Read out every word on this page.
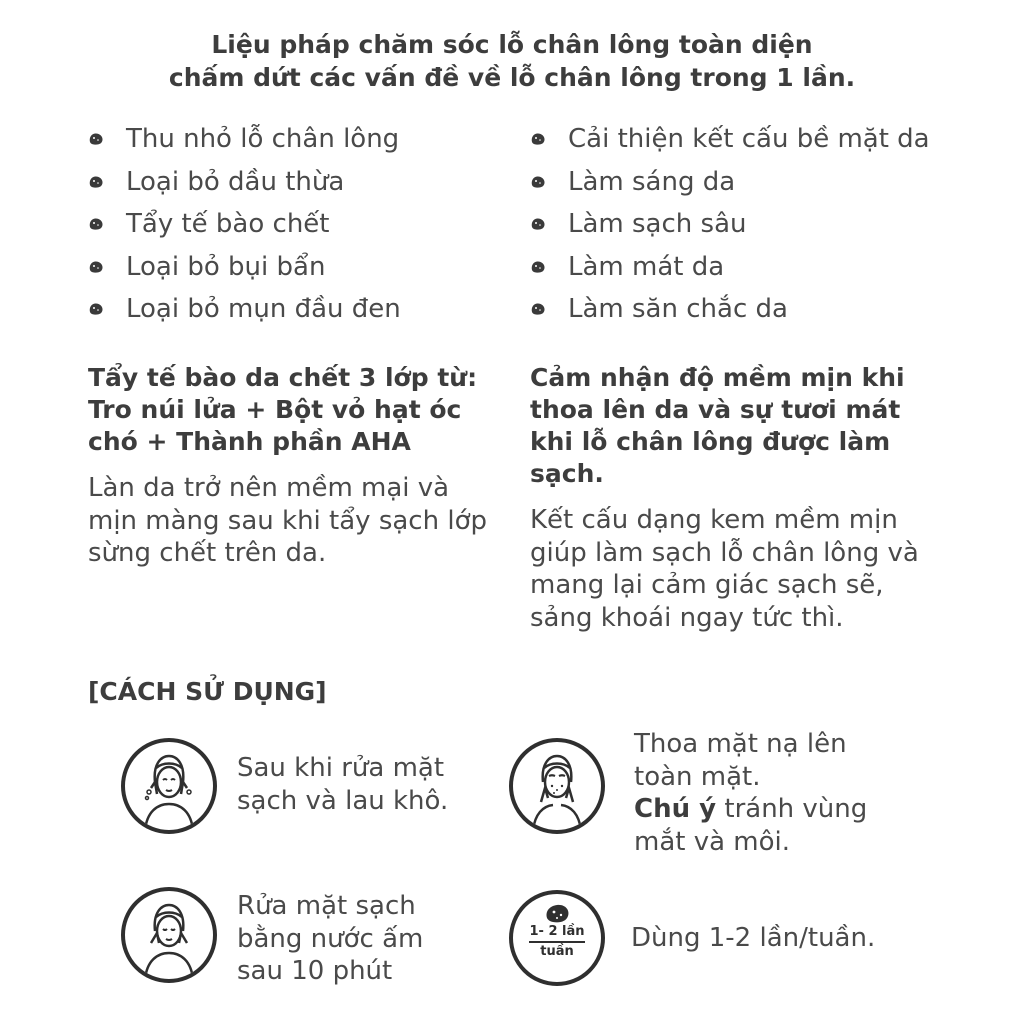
Liệu pháp chăm sóc lỗ chân lông toàn diện
chấm dứt các vấn đề về lỗ chân lông trong 1 lần.
Thu nhỏ lỗ chân lông
Loại bỏ dầu thừa
Tẩy tế bào chết
Loại bỏ bụi bẩn
Loại bỏ mụn đầu đen
Cải thiện kết cấu bề mặt da
Làm sáng da
Làm sạch sâu
Làm mát da
Làm săn chắc da
Tẩy tế bào da chết 3 lớp từ:
Tro núi lửa + Bột vỏ hạt óc
chó + Thành phần AHA
Làn da trở nên mềm mại và
mịn màng sau khi tẩy sạch lớp
sừng chết trên da.
Cảm nhận độ mềm mịn khi
thoa lên da và sự tươi mát
khi lỗ chân lông được làm
sạch.
Kết cấu dạng kem mềm mịn
giúp làm sạch lỗ chân lông và
mang lại cảm giác sạch sẽ,
sảng khoái ngay tức thì.
[CÁCH SỬ DỤNG]
Sau khi rửa mặt
sạch và lau khô.
Thoa mặt nạ lên
toàn mặt.
Chú ý tránh vùng
mắt và môi.
Rửa mặt sạch
bằng nước ấm
sau 10 phút
1- 2 lần
tuần	Dùng 1-2 lần/tuần.
